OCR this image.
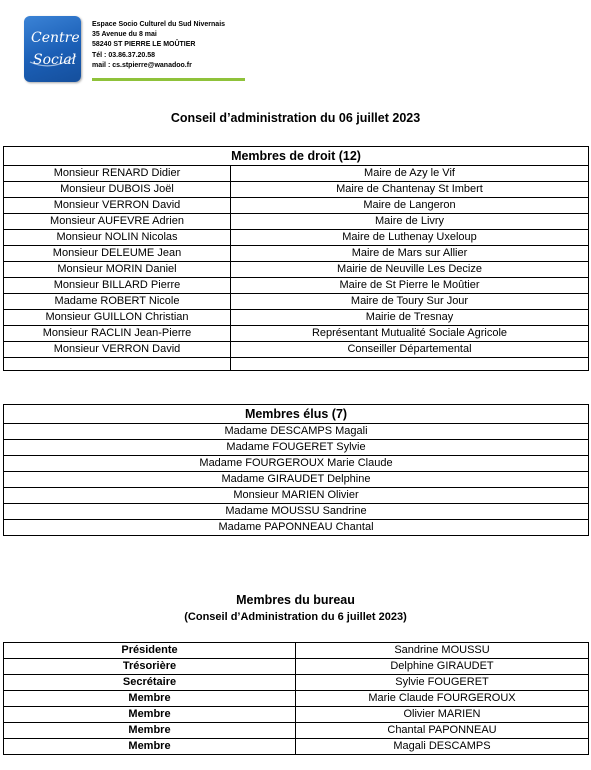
Centre
Social
Espace Socio Culturel du Sud Nivernais
35 Avenue du 8 mai
58240 ST PIERRE LE MOÛTIER
Tél : 03.86.37.20.58
mail : cs.stpierre@wanadoo.fr
Conseil d’administration du 06 juillet 2023
Membres de droit (12)	
Monsieur RENARD Didier	Maire de Azy le Vif
Monsieur DUBOIS Joël	Maire de Chantenay St Imbert
Monsieur VERRON David	Maire de Langeron
Monsieur AUFEVRE Adrien	Maire de Livry
Monsieur NOLIN Nicolas	Maire de Luthenay Uxeloup
Monsieur DELEUME Jean	Maire de Mars sur Allier
Monsieur MORIN Daniel	Mairie de Neuville Les Decize
Monsieur BILLARD Pierre	Maire de St Pierre le Moûtier
Madame ROBERT Nicole	Maire de Toury Sur Jour
Monsieur GUILLON Christian	Mairie de Tresnay
Monsieur RACLIN Jean-Pierre	Représentant Mutualité Sociale Agricole
Monsieur VERRON David	Conseiller Départemental

Membres élus (7)
Madame DESCAMPS Magali
Madame FOUGERET Sylvie
Madame FOURGEROUX Marie Claude
Madame GIRAUDET Delphine
Monsieur MARIEN Olivier
Madame MOUSSU Sandrine
Madame PAPONNEAU Chantal
Membres du bureau
(Conseil d’Administration du 6 juillet 2023)
Présidente	Sandrine MOUSSU
Trésorière	Delphine GIRAUDET
Secrétaire	Sylvie FOUGERET
Membre	Marie Claude FOURGEROUX
Membre	Olivier MARIEN
Membre	Chantal PAPONNEAU
Membre	Magali DESCAMPS
